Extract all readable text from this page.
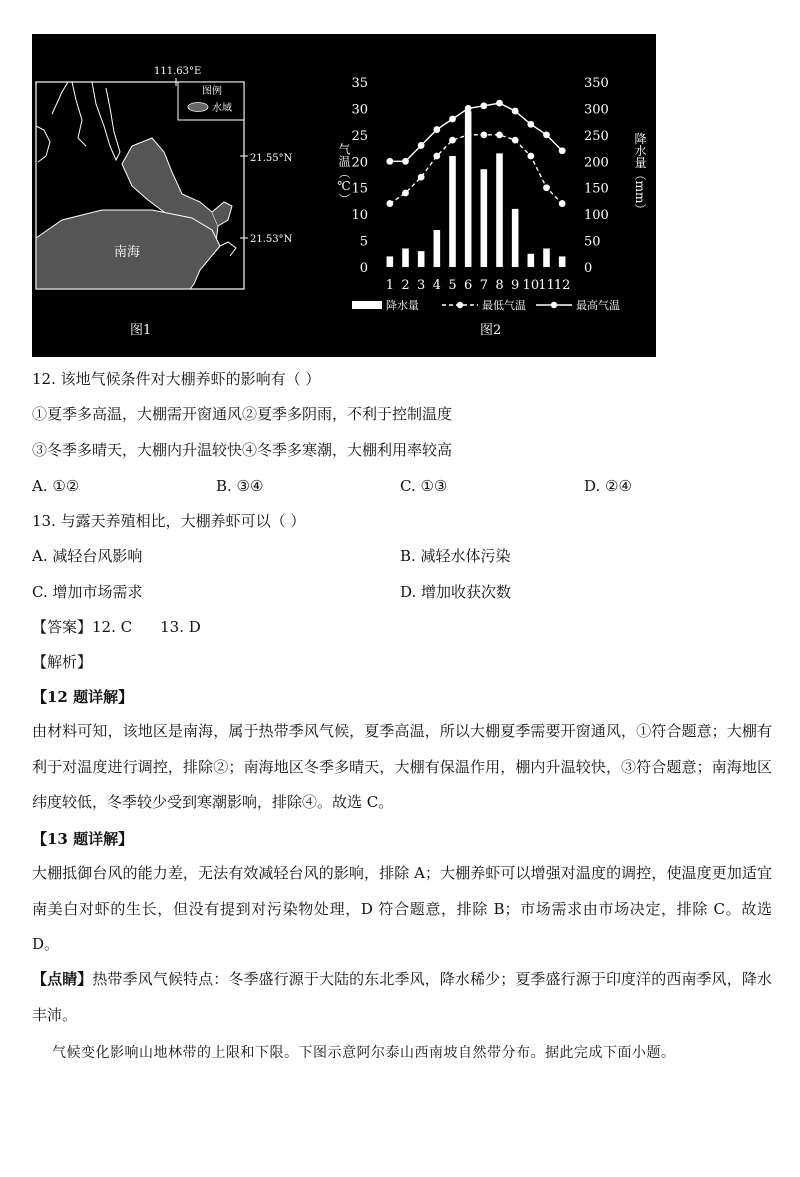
111.63°E
21.55°N
21.53°N
图例
水域
南海
图1
0
5
10
15
20
25
30
35
0
50
100
150
200
250
300
350
气温（℃）	降水量（mm）
1 2 3 4 5 6 7 8 9 10 11 12
降水量	最低气温	最高气温
图2
12. 该地气候条件对大棚养虾的影响有（ ）
①夏季多高温，大棚需开窗通风②夏季多阴雨，不利于控制温度
③冬季多晴天，大棚内升温较快④冬季多寒潮，大棚利用率较高
A. ①②	B. ③④	C. ①③	D. ②④
13. 与露天养殖相比，大棚养虾可以（ ）
A. 减轻台风影响	B. 减轻水体污染
C. 增加市场需求	D. 增加收获次数
【答案】12. C 13. D
【解析】
【12 题详解】
由材料可知，该地区是南海，属于热带季风气候，夏季高温，所以大棚夏季需要开窗通风，①符合题意；大棚有利于对温度进行调控，排除②；南海地区冬季多晴天，大棚有保温作用，棚内升温较快，③符合题意；南海地区纬度较低，冬季较少受到寒潮影响，排除④。故选 C。
【13 题详解】
大棚抵御台风的能力差，无法有效减轻台风的影响，排除 A；大棚养虾可以增强对温度的调控，使温度更加适宜南美白对虾的生长，但没有提到对污染物处理，D 符合题意，排除 B；市场需求由市场决定，排除 C。故选 D。
【点睛】热带季风气候特点：冬季盛行源于大陆的东北季风，降水稀少；夏季盛行源于印度洋的西南季风，降水丰沛。
气候变化影响山地林带的上限和下限。下图示意阿尔泰山西南坡自然带分布。据此完成下面小题。
